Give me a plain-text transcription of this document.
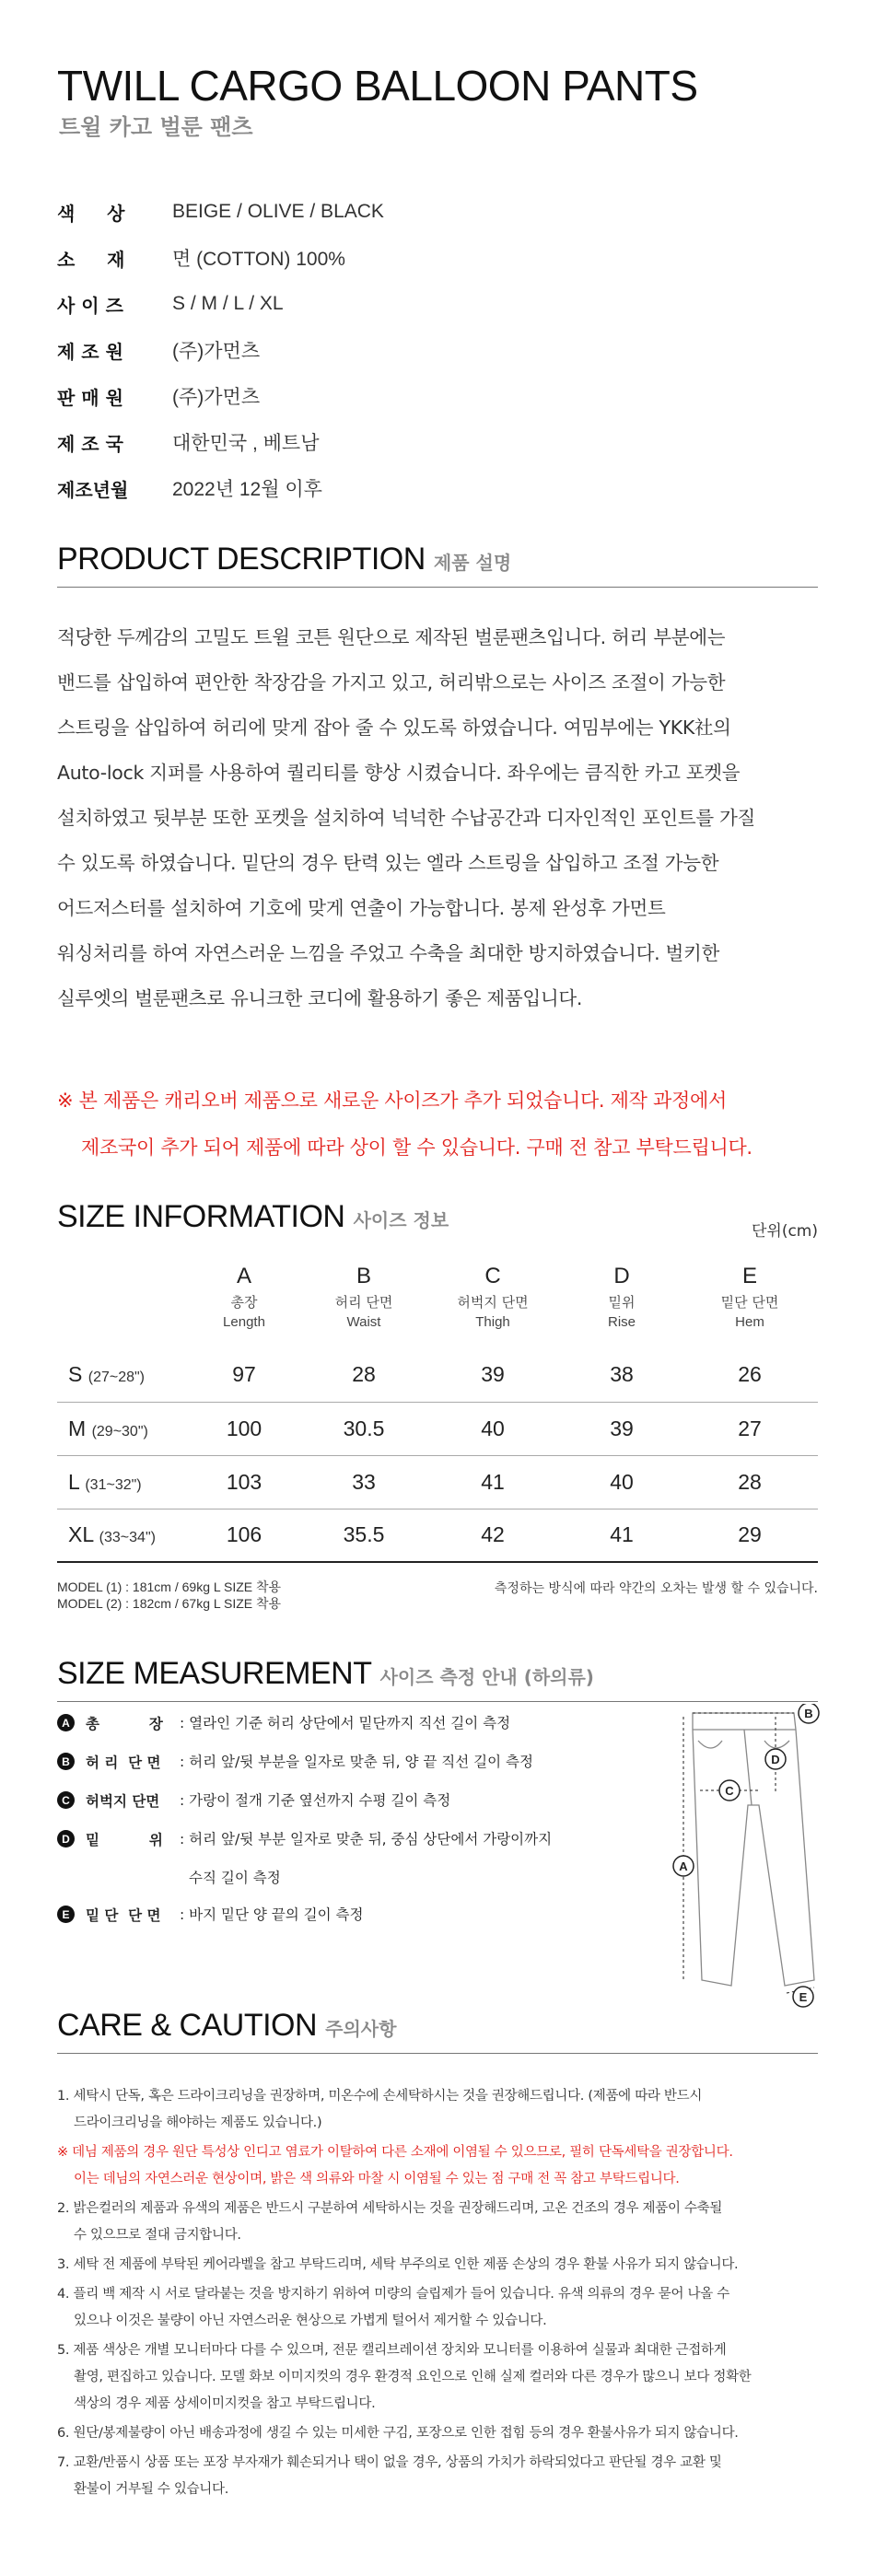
TWILL CARGO BALLOON PANTS
트윌 카고 벌룬 팬츠
색     상	BEIGE / OLIVE / BLACK
소     재	면 (COTTON) 100%
사 이 즈	S / M / L / XL
제 조 원	(주)가먼츠
판 매 원	(주)가먼츠
제 조 국	대한민국 , 베트남
제조년월	2022년 12월 이후
PRODUCT DESCRIPTION 제품 설명
적당한 두께감의 고밀도 트윌 코튼 원단으로 제작된 벌룬팬츠입니다. 허리 부분에는
밴드를 삽입하여 편안한 착장감을 가지고 있고, 허리밖으로는 사이즈 조절이 가능한
스트링을 삽입하여 허리에 맞게 잡아 줄 수 있도록 하였습니다. 여밈부에는 YKK社의
Auto-lock 지퍼를 사용하여 퀄리티를 향상 시켰습니다. 좌우에는 큼직한 카고 포켓을
설치하였고 뒷부분 또한 포켓을 설치하여 넉넉한 수납공간과 디자인적인 포인트를 가질
수 있도록 하였습니다. 밑단의 경우 탄력 있는 엘라 스트링을 삽입하고 조절 가능한
어드저스터를 설치하여 기호에 맞게 연출이 가능합니다. 봉제 완성후 가먼트
워싱처리를 하여 자연스러운 느낌을 주었고 수축을 최대한 방지하였습니다. 벌키한
실루엣의 벌룬팬츠로 유니크한 코디에 활용하기 좋은 제품입니다.
※ 본 제품은 캐리오버 제품으로 새로운 사이즈가 추가 되었습니다. 제작 과정에서
제조국이 추가 되어 제품에 따라 상이 할 수 있습니다. 구매 전 참고 부탁드립니다.
SIZE INFORMATION 사이즈 정보	단위(cm)

	A
총장
Length	B
허리 단면
Waist	C
허벅지 단면
Thigh	D
밑위
Rise	E
밑단 단면
Hem

S (27~28")	97	28	39	38	26
M (29~30")	100	30.5	40	39	27
L (31~32")	103	33	41	40	28
XL (33~34")	106	35.5	42	41	29
MODEL (1) : 181cm / 69kg L SIZE 착용
MODEL (2) : 182cm / 67kg L SIZE 착용
측정하는 방식에 따라 약간의 오차는 발생 할 수 있습니다.
SIZE MEASUREMENT 사이즈 측정 안내 (하의류)
A	총          장	: 열라인 기준 허리 상단에서 밑단까지 직선 길이 측정
B	허 리  단 면	: 허리 앞/뒷 부분을 일자로 맞춘 뒤, 양 끝 직선 길이 측정
C	허벅지 단면	: 가랑이 절개 기준 옆선까지 수평 길이 측정
D	밑          위	: 허리 앞/뒷 부분 일자로 맞춘 뒤, 중심 상단에서 가랑이까지
수직 길이 측정
E	밑 단  단 면	: 바지 밑단 양 끝의 길이 측정
B
D
C
A
E
CARE & CAUTION 주의사항
1. 세탁시 단독, 혹은 드라이크리닝을 권장하며, 미온수에 손세탁하시는 것을 권장해드립니다. (제품에 따라 반드시
드라이크리닝을 해야하는 제품도 있습니다.)
※ 데님 제품의 경우 원단 특성상 인디고 염료가 이탈하여 다른 소재에 이염될 수 있으므로, 필히 단독세탁을 권장합니다.
이는 데님의 자연스러운 현상이며, 밝은 색 의류와 마찰 시 이염될 수 있는 점 구매 전 꼭 참고 부탁드립니다.
2. 밝은컬러의 제품과 유색의 제품은 반드시 구분하여 세탁하시는 것을 권장해드리며, 고온 건조의 경우 제품이 수축될
수 있으므로 절대 금지합니다.
3. 세탁 전 제품에 부탁된 케어라벨을 참고 부탁드리며, 세탁 부주의로 인한 제품 손상의 경우 환불 사유가 되지 않습니다.
4. 플리 백 제작 시 서로 달라붙는 것을 방지하기 위하여 미량의 슬립제가 들어 있습니다. 유색 의류의 경우 묻어 나올 수
있으나 이것은 불량이 아닌 자연스러운 현상으로 가볍게 털어서 제거할 수 있습니다.
5. 제품 색상은 개별 모니터마다 다를 수 있으며, 전문 캘리브레이션 장치와 모니터를 이용하여 실물과 최대한 근접하게
촬영, 편집하고 있습니다. 모델 화보 이미지컷의 경우 환경적 요인으로 인해 실제 컬러와 다른 경우가 많으니 보다 정확한
색상의 경우 제품 상세이미지컷을 참고 부탁드립니다.
6. 원단/봉제불량이 아닌 배송과정에 생길 수 있는 미세한 구김, 포장으로 인한 접힘 등의 경우 환불사유가 되지 않습니다.
7. 교환/반품시 상품 또는 포장 부자재가 훼손되거나 택이 없을 경우, 상품의 가치가 하락되었다고 판단될 경우 교환 및
환불이 거부될 수 있습니다.
